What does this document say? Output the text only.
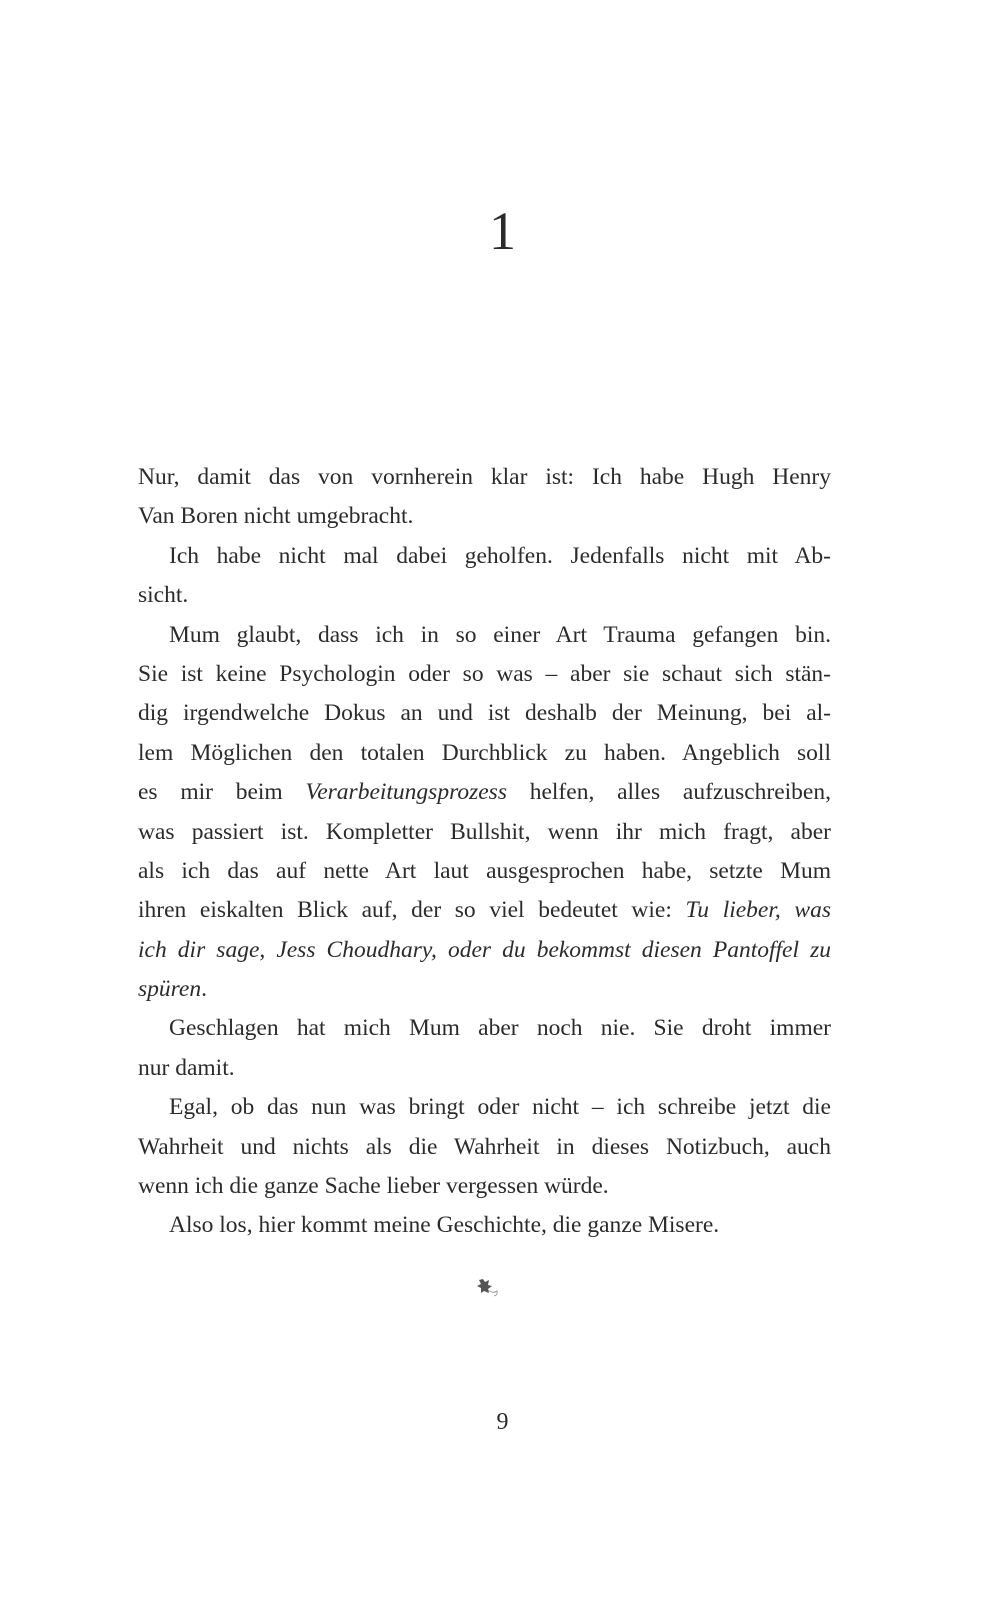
1
Nur, damit das von vornherein klar ist: Ich habe Hugh Henry
Van Boren nicht umgebracht.
Ich habe nicht mal dabei geholfen. Jedenfalls nicht mit Ab-
sicht.
Mum glaubt, dass ich in so einer Art Trauma gefangen bin.
Sie ist keine Psychologin oder so was – aber sie schaut sich stän-
dig irgendwelche Dokus an und ist deshalb der Meinung, bei al-
lem Möglichen den totalen Durchblick zu haben. Angeblich soll
es mir beim Verarbeitungsprozess helfen, alles aufzuschreiben,
was passiert ist. Kompletter Bullshit, wenn ihr mich fragt, aber
als ich das auf nette Art laut ausgesprochen habe, setzte Mum
ihren eiskalten Blick auf, der so viel bedeutet wie: Tu lieber, was
ich dir sage, Jess Choudhary, oder du bekommst diesen Pantoffel zu
spüren.
Geschlagen hat mich Mum aber noch nie. Sie droht immer
nur damit.
Egal, ob das nun was bringt oder nicht – ich schreibe jetzt die
Wahrheit und nichts als die Wahrheit in dieses Notizbuch, auch
wenn ich die ganze Sache lieber vergessen würde.
Also los, hier kommt meine Geschichte, die ganze Misere.
9
